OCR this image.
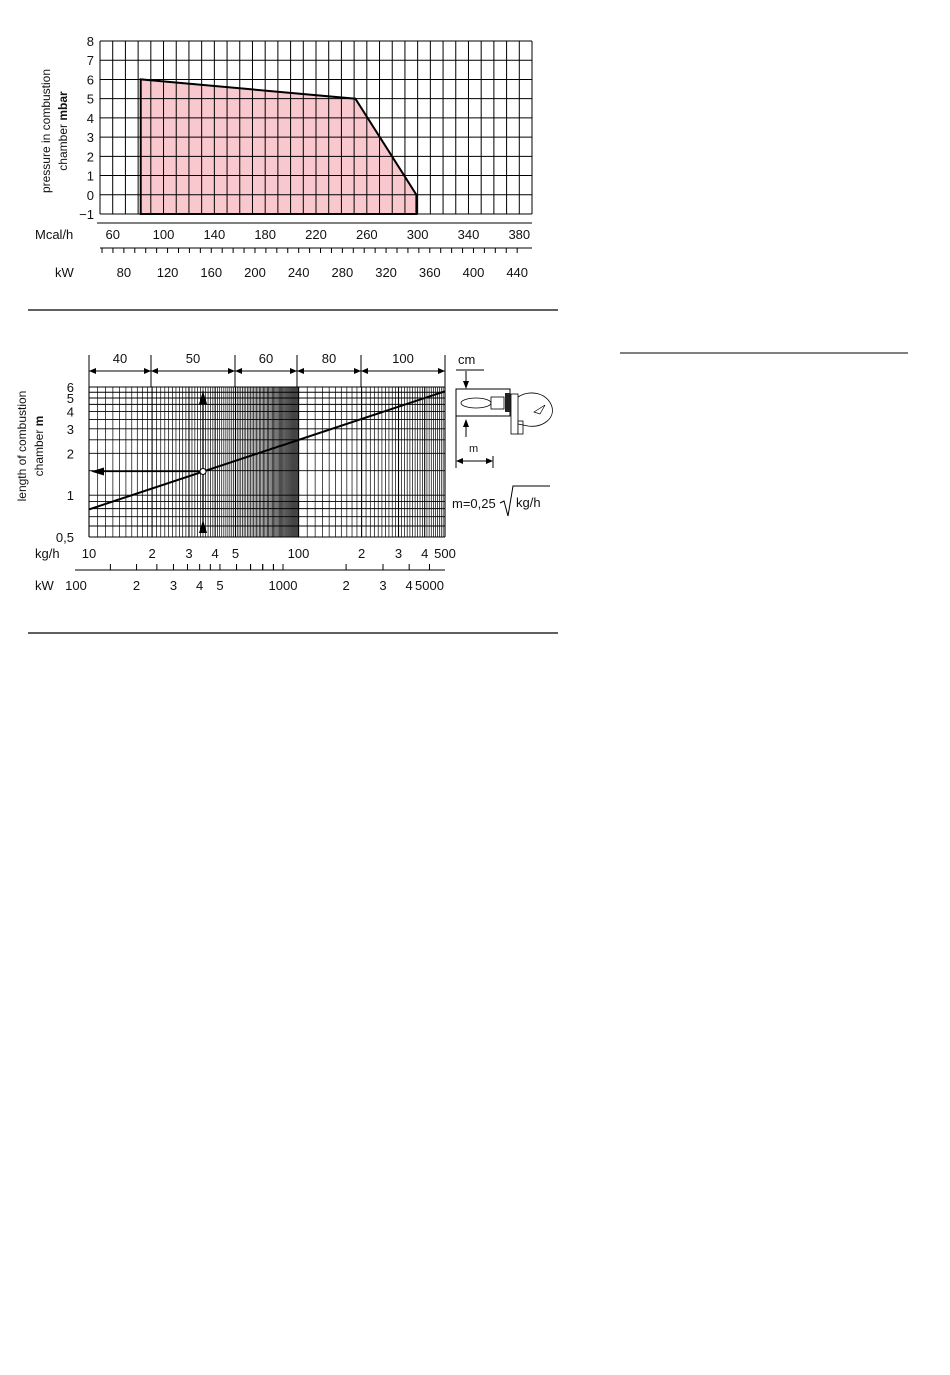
8
7
6
5
4
3
2
1
0
−1
pressure in combustion chamber mbar
Mcal/h 60	100 140 180 220 260 300 340 380
kW	80 120 160 200 240 280 320 360 400 440
40	50	60	80	100	cm
6
5
4
3
2
1
0,5
length of combustion chamber m
kg/h 10	2 3 4 5	100	2 3 4 500
kW 100	2 3 4 5	1000	2 3 4 5000
m=0,25 kg/h
m
